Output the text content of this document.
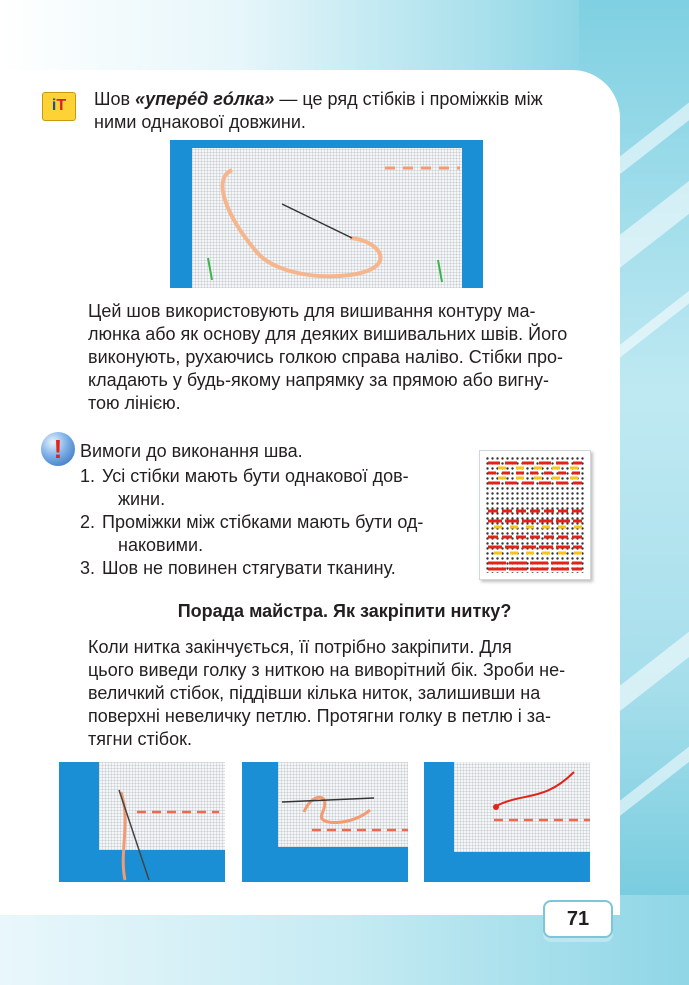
iT	Шов «уперéд гóлка» — це ряд стібків і проміжків між
ними однакової довжини.
Цей шов використовують для вишивання контуру ма-
люнка або як основу для деяких вишивальних швів. Його
виконують, рухаючись голкою справа наліво. Стібки про-
кладають у будь-якому напрямку за прямою або вигну-
тою лінією.
! Вимоги до виконання шва.
1. Усі стібки мають бути однакової дов-
жини.
2. Проміжки між стібками мають бути од-
наковими.
3. Шов не повинен стягувати тканину.
Порада майстра. Як закріпити нитку?
Коли нитка закінчується, її потрібно закріпити. Для
цього виведи голку з ниткою на виворітний бік. Зроби не-
величкий стібок, піддівши кілька ниток, залишивши на
поверхні невеличку петлю. Протягни голку в петлю і за-
тягни стібок.
71
